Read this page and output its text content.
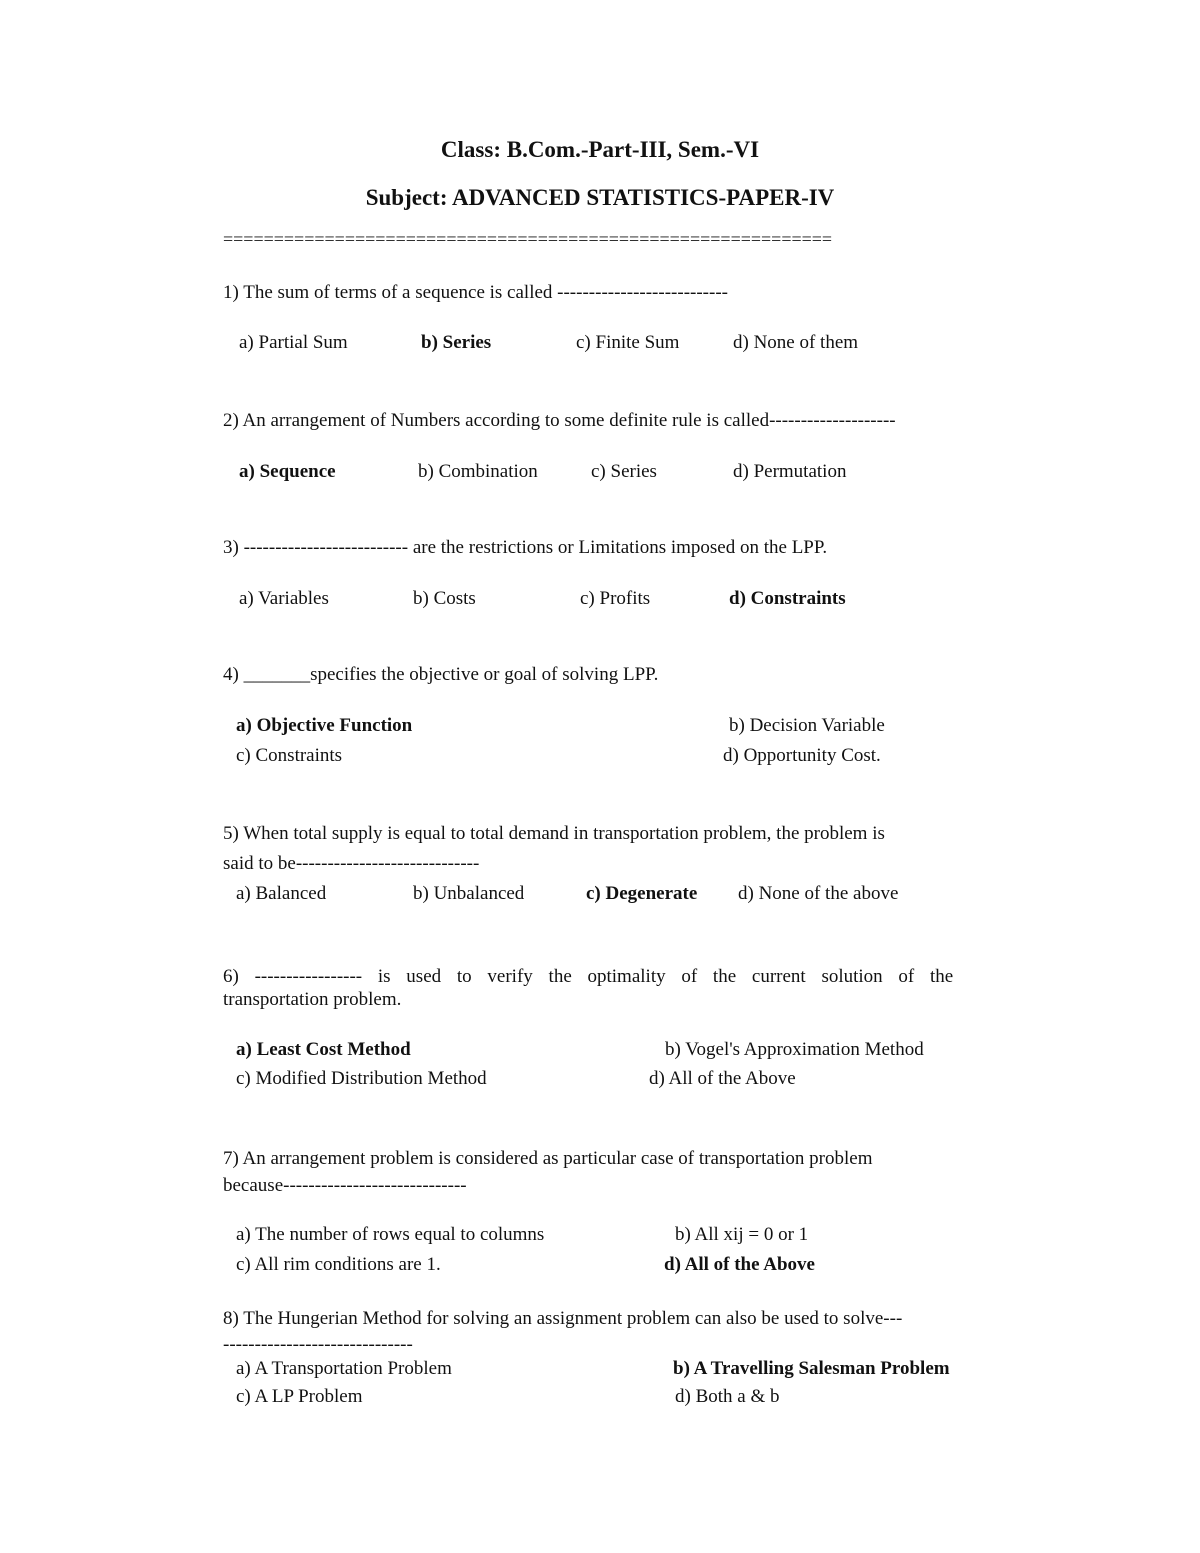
Class: B.Com.-Part-III, Sem.-VI
Subject: ADVANCED STATISTICS-PAPER-IV
============================================================
1) The sum of terms of a sequence is called ---------------------------
a) Partial Sum	b) Series	c) Finite Sum	d) None of them
2) An arrangement of Numbers according to some definite rule is called--------------------
a) Sequence	b) Combination	c) Series	d) Permutation
3) -------------------------- are the restrictions or Limitations imposed on the LPP.
a) Variables	b) Costs	c) Profits	d) Constraints
4) _______specifies the objective or goal of solving LPP.
a) Objective Function	b) Decision Variable
c) Constraints	d) Opportunity Cost.
5) When total supply is equal to total demand in transportation problem, the problem is
said to be-----------------------------
a) Balanced	b) Unbalanced	c) Degenerate d) None of the above
6) ----------------- is used to verify the optimality of the current solution of the
transportation problem.
a) Least Cost Method	b) Vogel's Approximation Method
c) Modified Distribution Method	d) All of the Above
7) An arrangement problem is considered as particular case of transportation problem
because-----------------------------
a) The number of rows equal to columns	b) All xij = 0 or 1
c) All rim conditions are 1.	d) All of the Above
8) The Hungerian Method for solving an assignment problem can also be used to solve---
------------------------------
a) A Transportation Problem	b) A Travelling Salesman Problem
c) A LP Problem	d) Both a & b
